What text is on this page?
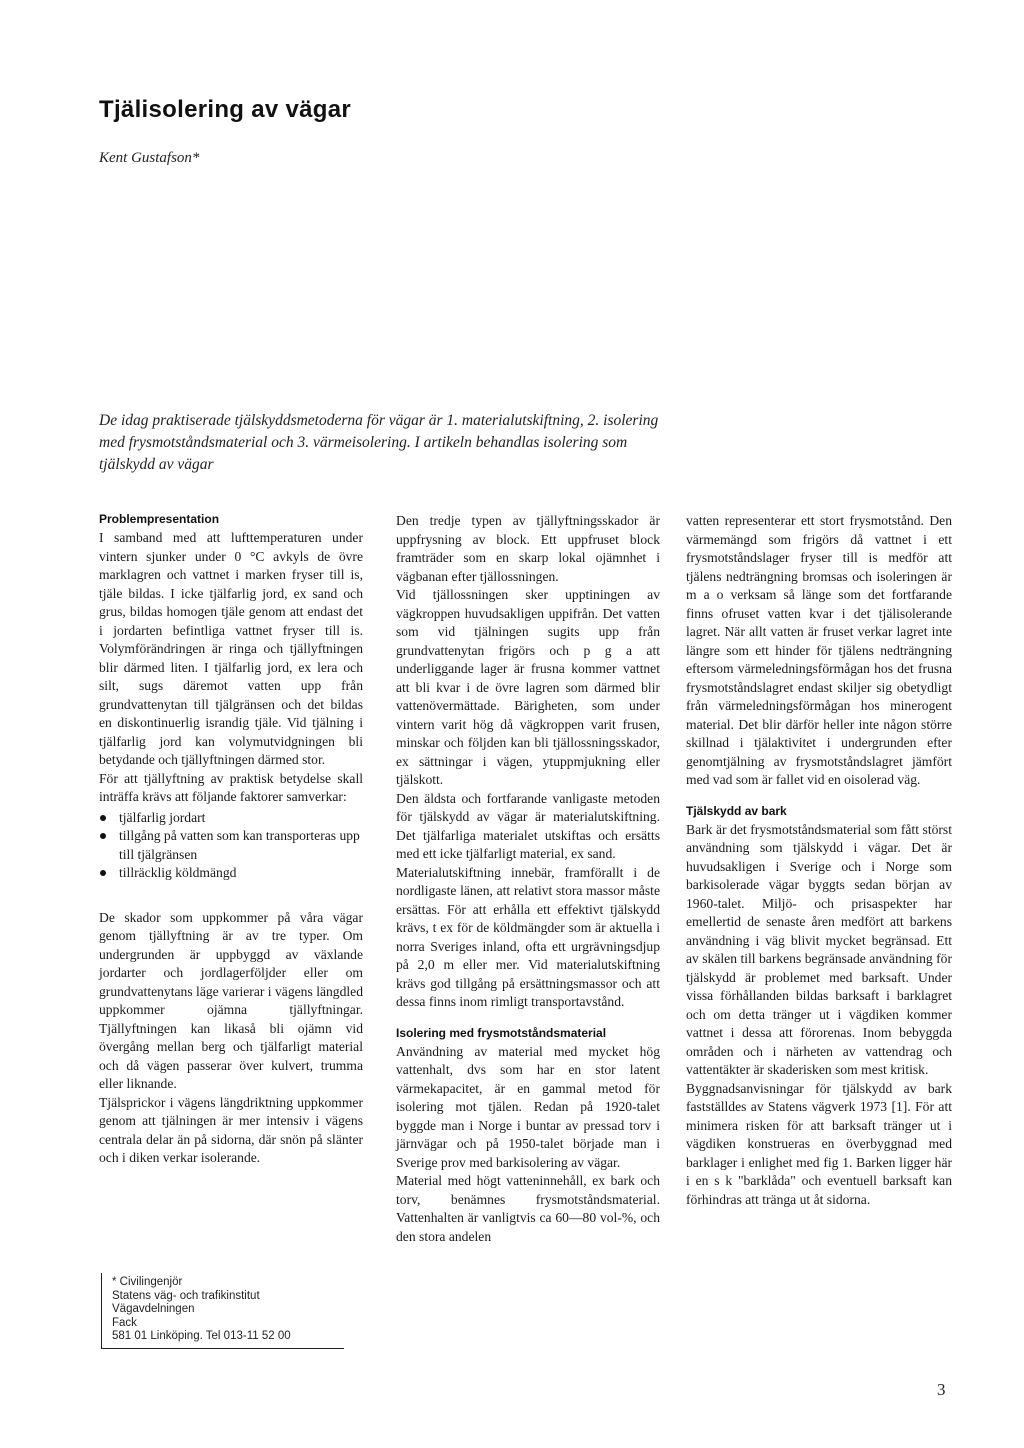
Tjälisolering av vägar
Kent Gustafson*
De idag praktiserade tjälskyddsmetoderna för vägar är 1. materialutskiftning, 2. isolering med frysmotståndsmaterial och 3. värmeisolering. I artikeln behandlas isolering som tjälskydd av vägar
Problempresentation

I samband med att lufttemperaturen under vintern sjunker under 0 °C avkyls de övre marklagren och vattnet i marken fryser till is, tjäle bildas. I icke tjälfarlig jord, ex sand och grus, bildas homogen tjäle genom att endast det i jordarten befintliga vattnet fryser till is. Volymförändringen är ringa och tjällyftningen blir därmed liten. I tjälfarlig jord, ex lera och silt, sugs däremot vatten upp från grundvattenytan till tjälgränsen och det bildas en diskontinuerlig israndig tjäle. Vid tjälning i tjälfarlig jord kan volymutvidgningen bli betydande och tjällyftningen därmed stor.

För att tjällyftning av praktisk betydelse skall inträffa krävs att följande faktorer samverkar:

tjälfarlig jordart
tillgång på vatten som kan transporteras upp till tjälgränsen
tillräcklig köldmängd

De skador som uppkommer på våra vägar genom tjällyftning är av tre typer. Om undergrunden är uppbyggd av växlande jordarter och jordlagerföljder eller om grundvattenytans läge varierar i vägens längdled uppkommer ojämna tjällyftningar. Tjällyftningen kan likaså bli ojämn vid övergång mellan berg och tjälfarligt material och då vägen passerar över kulvert, trumma eller liknande.

Tjälsprickor i vägens längdriktning uppkommer genom att tjälningen är mer intensiv i vägens centrala delar än på sidorna, där snön på slänter och i diken verkar isolerande.

Den tredje typen av tjällyftningsskador är uppfrysning av block. Ett uppfruset block framträder som en skarp lokal ojämnhet i vägbanan efter tjällossningen.

Vid tjällossningen sker upptiningen av vägkroppen huvudsakligen uppifrån. Det vatten som vid tjälningen sugits upp från grundvattenytan frigörs och p g a att underliggande lager är frusna kommer vattnet att bli kvar i de övre lagren som därmed blir vattenövermättade. Bärigheten, som under vintern varit hög då vägkroppen varit frusen, minskar och följden kan bli tjällossningsskador, ex sättningar i vägen, ytuppmjukning eller tjälskott.

Den äldsta och fortfarande vanligaste metoden för tjälskydd av vägar är materialutskiftning. Det tjälfarliga materialet utskiftas och ersätts med ett icke tjälfarligt material, ex sand.

Materialutskiftning innebär, framförallt i de nordligaste länen, att relativt stora massor måste ersättas. För att erhålla ett effektivt tjälskydd krävs, t ex för de köldmängder som är aktuella i norra Sveriges inland, ofta ett urgrävningsdjup på 2,0 m eller mer. Vid materialutskiftning krävs god tillgång på ersättningsmassor och att dessa finns inom rimligt transportavstånd.

Isolering med frysmotståndsmaterial

Användning av material med mycket hög vattenhalt, dvs som har en stor latent värmekapacitet, är en gammal metod för isolering mot tjälen. Redan på 1920-talet byggde man i Norge i buntar av pressad torv i järnvägar och på 1950-talet började man i Sverige prov med barkisolering av vägar.

Material med högt vatteninnehåll, ex bark och torv, benämnes frysmotståndsmaterial. Vattenhalten är vanligtvis ca 60—80 vol-%, och den stora andelen

vatten representerar ett stort frysmotstånd. Den värmemängd som frigörs då vattnet i ett frysmotståndslager fryser till is medför att tjälens nedträngning bromsas och isoleringen är m a o verksam så länge som det fortfarande finns ofruset vatten kvar i det tjälisolerande lagret. När allt vatten är fruset verkar lagret inte längre som ett hinder för tjälens nedträngning eftersom värmeledningsförmågan hos det frusna frysmotståndslagret endast skiljer sig obetydligt från värmeledningsförmågan hos minerogent material. Det blir därför heller inte någon större skillnad i tjälaktivitet i undergrunden efter genomtjälning av frysmotståndslagret jämfört med vad som är fallet vid en oisolerad väg.

Tjälskydd av bark

Bark är det frysmotståndsmaterial som fått störst användning som tjälskydd i vägar. Det är huvudsakligen i Sverige och i Norge som barkisolerade vägar byggts sedan början av 1960-talet. Miljö- och prisaspekter har emellertid de senaste åren medfört att barkens användning i väg blivit mycket begränsad. Ett av skälen till barkens begränsade användning för tjälskydd är problemet med barksaft. Under vissa förhållanden bildas barksaft i barklagret och om detta tränger ut i vägdiken kommer vattnet i dessa att förorenas. Inom bebyggda områden och i närheten av vattendrag och vattentäkter är skaderisken som mest kritisk.

Byggnadsanvisningar för tjälskydd av bark fastställdes av Statens vägverk 1973 [1]. För att minimera risken för att barksaft tränger ut i vägdiken konstrueras en överbyggnad med barklager i enlighet med fig 1. Barken ligger här i en s k "barklåda" och eventuell barksaft kan förhindras att tränga ut åt sidorna.

* Civilingenjör
Statens väg- och trafikinstitut
Vägavdelningen
Fack
581 01 Linköping. Tel 013-11 52 00
3
